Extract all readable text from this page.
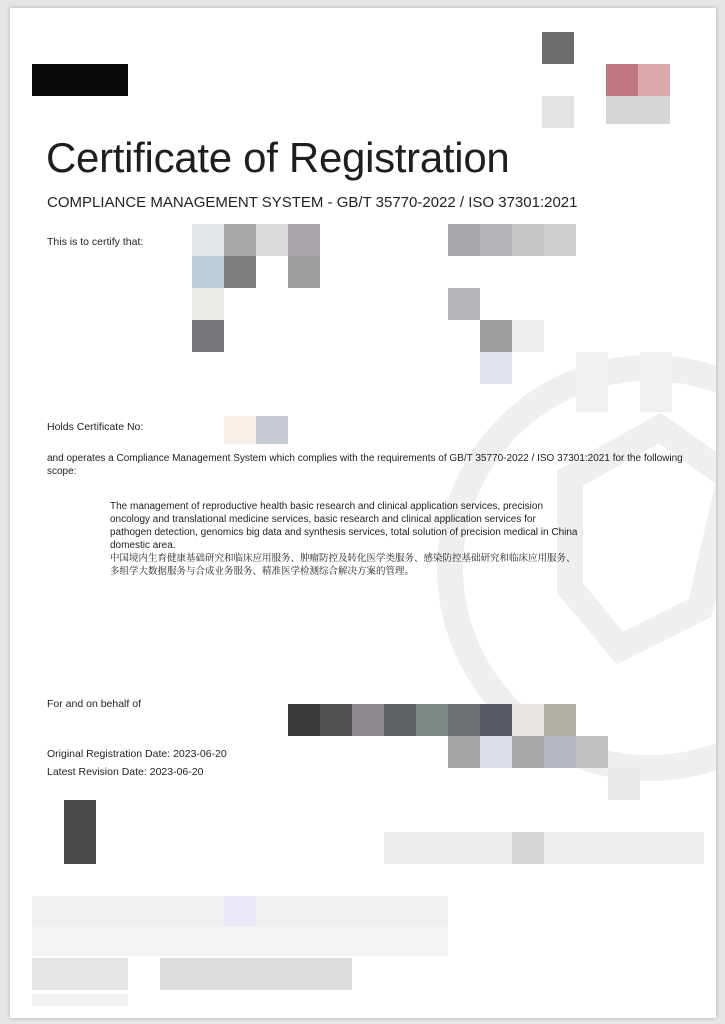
Certificate of Registration
COMPLIANCE MANAGEMENT SYSTEM - GB/T 35770-2022 / ISO 37301:2021
This is to certify that:
Holds Certificate No:
and operates a Compliance Management System which complies with the requirements of GB/T 35770-2022 / ISO 37301:2021 for the following scope:

The management of reproductive health basic research and clinical application services, precision oncology and translational medicine services, basic research and clinical application services for pathogen detection, genomics big data and synthesis services, total solution of precision medical in China domestic area.

中国境内生育健康基础研究和临床应用服务、肿瘤防控及转化医学类服务、感染防控基础研究和临床应用服务、多组学大数据服务与合成业务服务、精准医学检测综合解决方案的管理。

For and on behalf of
Original Registration Date: 2023-06-20
Latest Revision Date: 2023-06-20
